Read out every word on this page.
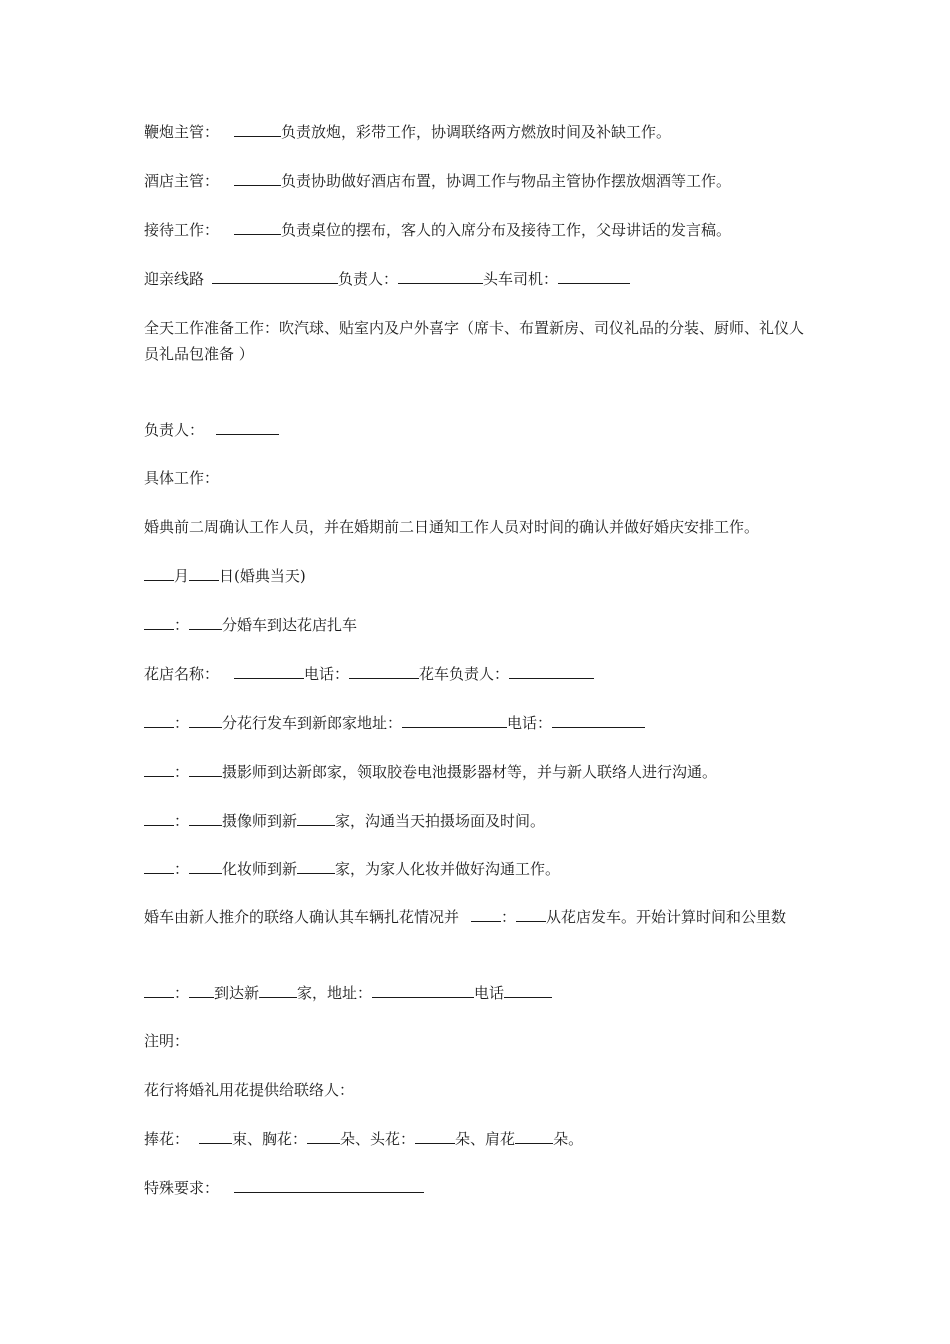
鞭炮主管：	负责放炮，彩带工作，协调联络两方燃放时间及补缺工作。
酒店主管：	负责协助做好酒店布置，协调工作与物品主管协作摆放烟酒等工作。
接待工作：	负责桌位的摆布，客人的入席分布及接待工作，父母讲话的发言稿。
迎亲线路	负责人：	头车司机：
全天工作准备工作：吹汽球、贴室内及户外喜字（席卡、布置新房、司仪礼品的分装、厨师、礼仪人员礼品包准备 ）
负责人：
具体工作：
婚典前二周确认工作人员，并在婚期前二日通知工作人员对时间的确认并做好婚庆安排工作。
月 日(婚典当天)
： 分婚车到达花店扎车
花店名称：	电话：	花车负责人：
： 分花行发车到新郎家地址：	电话：
： 摄影师到达新郎家，领取胶卷电池摄影器材等，并与新人联络人进行沟通。
： 摄像师到新	家，沟通当天拍摄场面及时间。
： 化妆师到新	家，为家人化妆并做好沟通工作。
婚车由新人推介的联络人确认其车辆扎花情况并	： 从花店发车。开始计算时间和公里数
： 到达新	家，地址：	电话
注明：
花行将婚礼用花提供给联络人：
捧花：	束、胸花： 朵、头花：	朵、肩花	朵。
特殊要求：
